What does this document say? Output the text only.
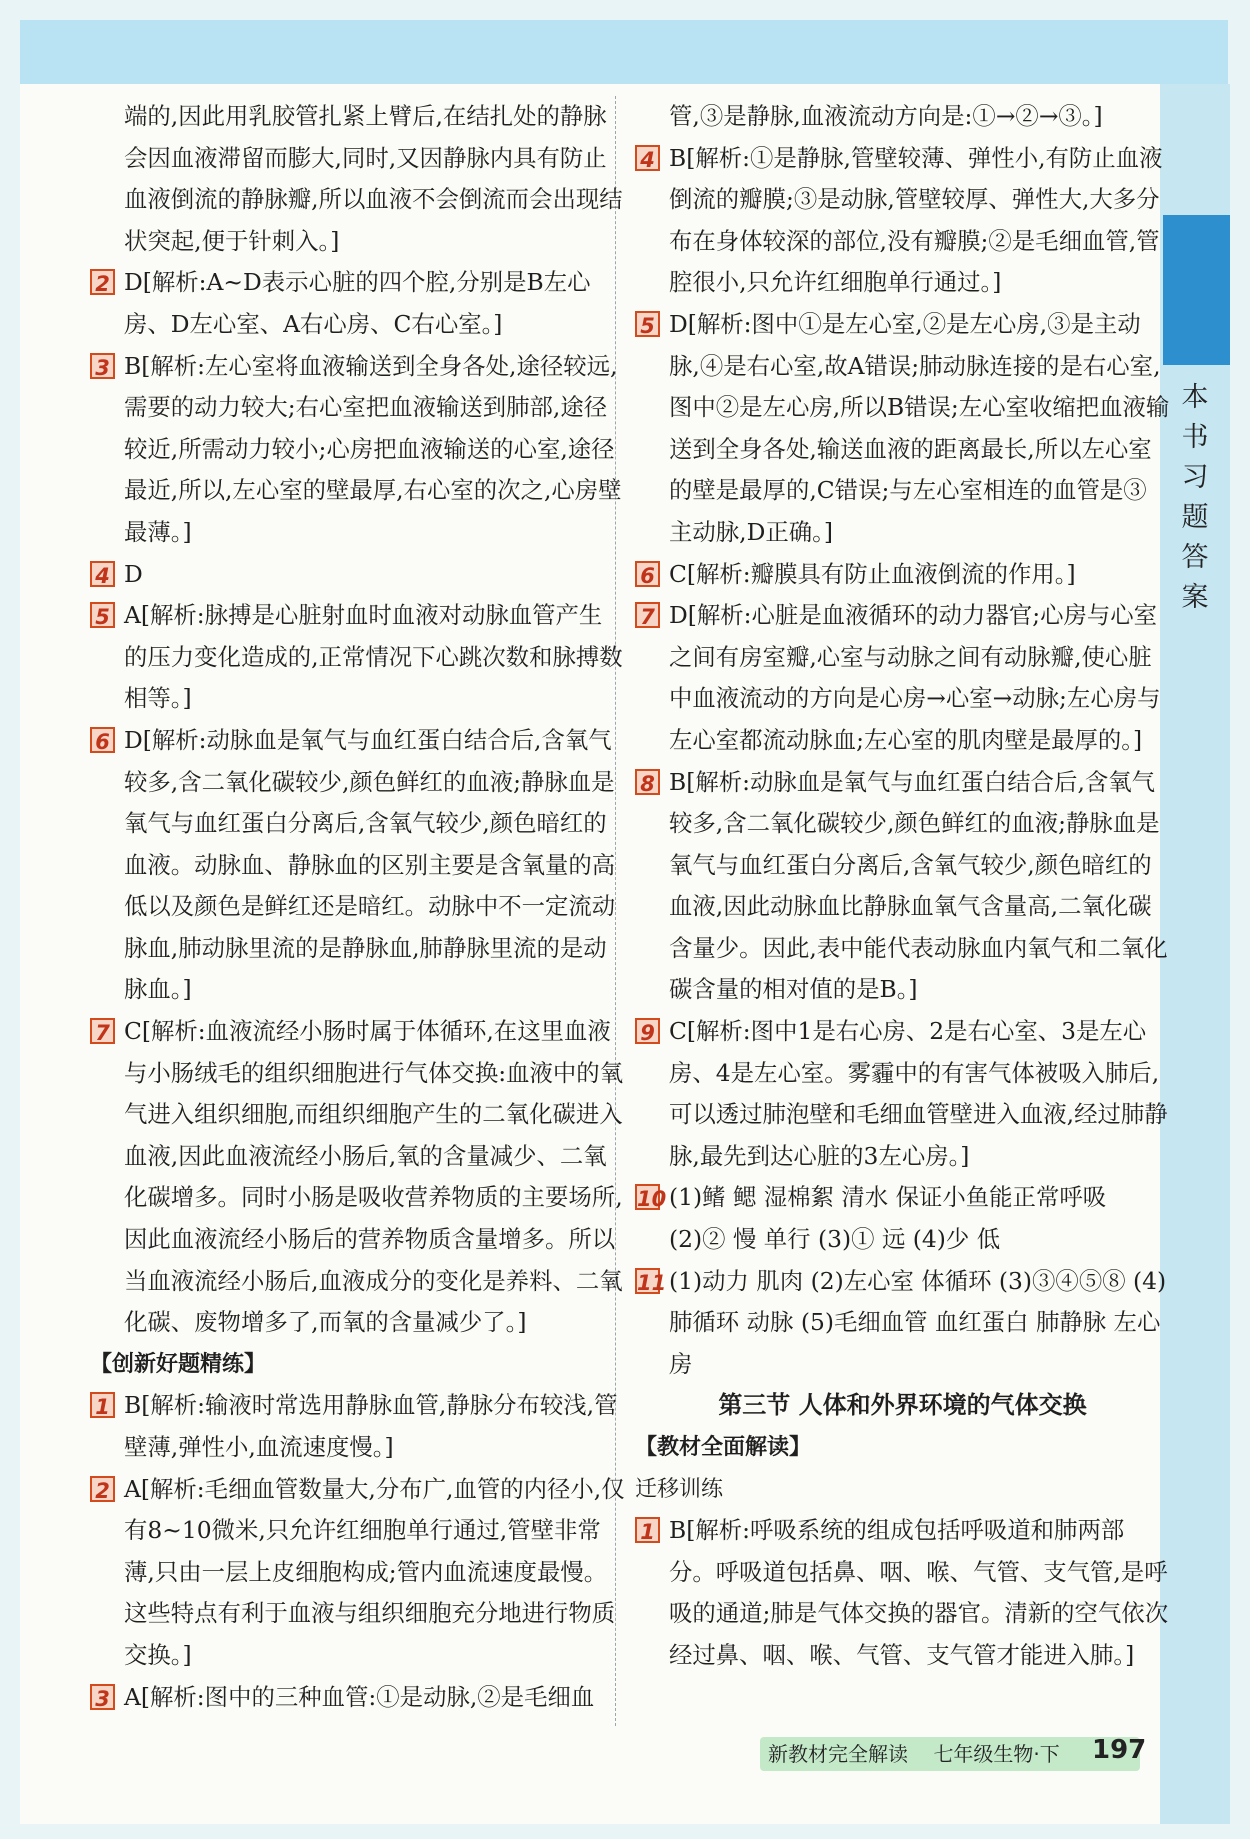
本书习题答案

端的,因此用乳胶管扎紧上臂后,在结扎处的静脉会因血液滞留而膨大,同时,又因静脉内具有防止血液倒流的静脉瓣,所以血液不会倒流而会出现结状突起,便于针刺入。]

2 D[解析:A~D表示心脏的四个腔,分别是B左心房、D左心室、A右心房、C右心室。]

3 B[解析:左心室将血液输送到全身各处,途径较远,需要的动力较大;右心室把血液输送到肺部,途径较近,所需动力较小;心房把血液输送的心室,途径最近,所以,左心室的壁最厚,右心室的次之,心房壁最薄。]

4 D

5 A[解析:脉搏是心脏射血时血液对动脉血管产生的压力变化造成的,正常情况下心跳次数和脉搏数相等。]

6 D[解析:动脉血是氧气与血红蛋白结合后,含氧气较多,含二氧化碳较少,颜色鲜红的血液;静脉血是氧气与血红蛋白分离后,含氧气较少,颜色暗红的血液。动脉血、静脉血的区别主要是含氧量的高低以及颜色是鲜红还是暗红。动脉中不一定流动脉血,肺动脉里流的是静脉血,肺静脉里流的是动脉血。]

7 C[解析:血液流经小肠时属于体循环,在这里血液与小肠绒毛的组织细胞进行气体交换:血液中的氧气进入组织细胞,而组织细胞产生的二氧化碳进入血液,因此血液流经小肠后,氧的含量减少、二氧化碳增多。同时小肠是吸收营养物质的主要场所,因此血液流经小肠后的营养物质含量增多。所以当血液流经小肠后,血液成分的变化是养料、二氧化碳、废物增多了,而氧的含量减少了。]

【创新好题精练】

1 B[解析:输液时常选用静脉血管,静脉分布较浅,管壁薄,弹性小,血流速度慢。]

2 A[解析:毛细血管数量大,分布广,血管的内径小,仅有8~10微米,只允许红细胞单行通过,管壁非常薄,只由一层上皮细胞构成;管内血流速度最慢。这些特点有利于血液与组织细胞充分地进行物质交换。]

3 A[解析:图中的三种血管:①是动脉,②是毛细血

管,③是静脉,血液流动方向是:①→②→③。]

4 B[解析:①是静脉,管壁较薄、弹性小,有防止血液倒流的瓣膜;③是动脉,管壁较厚、弹性大,大多分布在身体较深的部位,没有瓣膜;②是毛细血管,管腔很小,只允许红细胞单行通过。]

5 D[解析:图中①是左心室,②是左心房,③是主动脉,④是右心室,故A错误;肺动脉连接的是右心室,图中②是左心房,所以B错误;左心室收缩把血液输送到全身各处,输送血液的距离最长,所以左心室的壁是最厚的,C错误;与左心室相连的血管是③主动脉,D正确。]

6 C[解析:瓣膜具有防止血液倒流的作用。]

7 D[解析:心脏是血液循环的动力器官;心房与心室之间有房室瓣,心室与动脉之间有动脉瓣,使心脏中血液流动的方向是心房→心室→动脉;左心房与左心室都流动脉血;左心室的肌肉壁是最厚的。]

8 B[解析:动脉血是氧气与血红蛋白结合后,含氧气较多,含二氧化碳较少,颜色鲜红的血液;静脉血是氧气与血红蛋白分离后,含氧气较少,颜色暗红的血液,因此动脉血比静脉血氧气含量高,二氧化碳含量少。因此,表中能代表动脉血内氧气和二氧化碳含量的相对值的是B。]

9 C[解析:图中1是右心房、2是右心室、3是左心房、4是左心室。雾霾中的有害气体被吸入肺后,可以透过肺泡壁和毛细血管壁进入血液,经过肺静脉,最先到达心脏的3左心房。]

10 (1)鳍 鳃 湿棉絮 清水 保证小鱼能正常呼吸 (2)② 慢 单行 (3)① 远 (4)少 低

11 (1)动力 肌肉 (2)左心室 体循环 (3)③④⑤⑧ (4)肺循环 动脉 (5)毛细血管 血红蛋白 肺静脉 左心房

第三节 人体和外界环境的气体交换

【教材全面解读】

迁移训练

1 B[解析:呼吸系统的组成包括呼吸道和肺两部分。呼吸道包括鼻、咽、喉、气管、支气管,是呼吸的通道;肺是气体交换的器官。清新的空气依次经过鼻、咽、喉、气管、支气管才能进入肺。]

新教材完全解读 七年级生物·下 197
